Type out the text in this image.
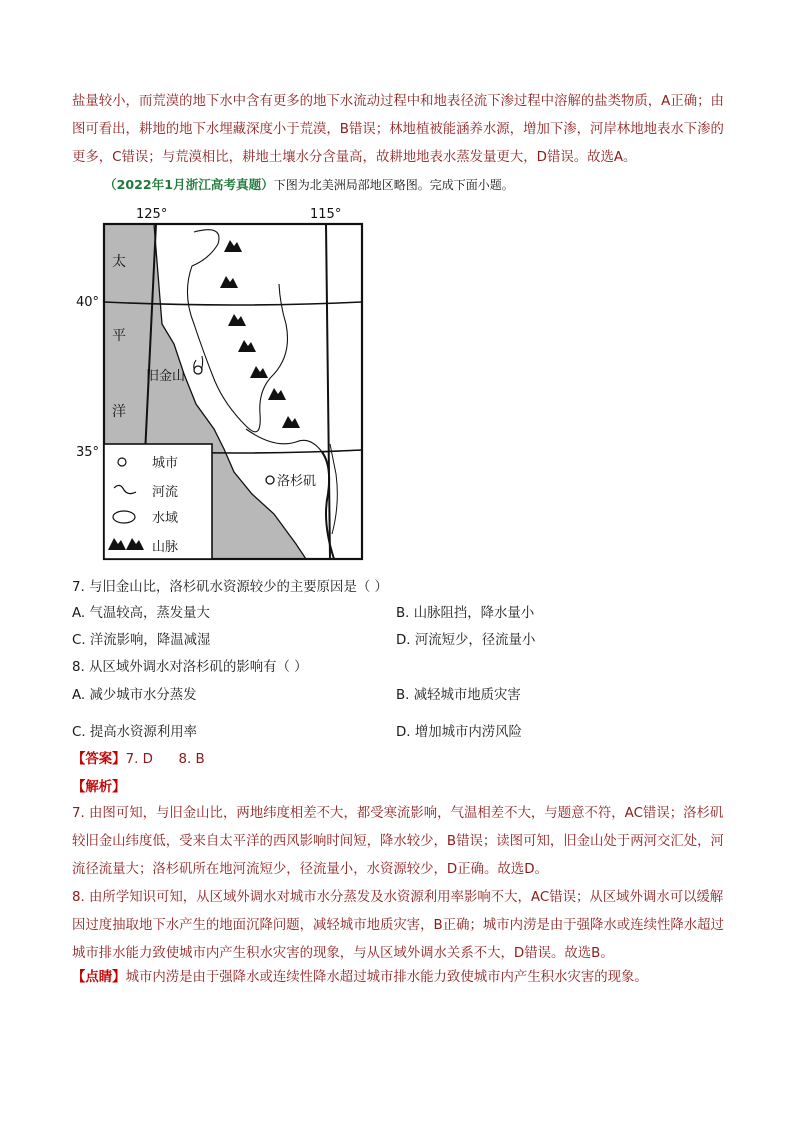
盐量较小，而荒漠的地下水中含有更多的地下水流动过程中和地表径流下渗过程中溶解的盐类物质，A正确；由图可看出，耕地的地下水埋藏深度小于荒漠，B错误；林地植被能涵养水源，增加下渗，河岸林地地表水下渗的更多，C错误；与荒漠相比，耕地土壤水分含量高，故耕地地表水蒸发量更大，D错误。故选A。

（2022年1月浙江高考真题）下图为北美洲局部地区略图。完成下面小题。
125°	115°
40°
35°
太
平
洋
旧金山
洛杉矶
城市
河流
水域
山脉
7. 与旧金山比，洛杉矶水资源较少的主要原因是（ ）
A. 气温较高，蒸发量大	B. 山脉阻挡，降水量小
C. 洋流影响，降温减湿	D. 河流短少，径流量小
8. 从区域外调水对洛杉矶的影响有（ ）
A. 减少城市水分蒸发	B. 减轻城市地质灾害
C. 提高水资源利用率	D. 增加城市内涝风险
【答案】7. D      8. B
【解析】

7. 由图可知，与旧金山比，两地纬度相差不大，都受寒流影响，气温相差不大，与题意不符，AC错误；洛杉矶较旧金山纬度低，受来自太平洋的西风影响时间短，降水较少，B错误；读图可知，旧金山处于两河交汇处，河流径流量大；洛杉矶所在地河流短少，径流量小，水资源较少，D正确。故选D。

8. 由所学知识可知，从区域外调水对城市水分蒸发及水资源利用率影响不大，AC错误；从区域外调水可以缓解因过度抽取地下水产生的地面沉降问题，减轻城市地质灾害，B正确；城市内涝是由于强降水或连续性降水超过城市排水能力致使城市内产生积水灾害的现象，与从区域外调水关系不大，D错误。故选B。

【点睛】城市内涝是由于强降水或连续性降水超过城市排水能力致使城市内产生积水灾害的现象。
